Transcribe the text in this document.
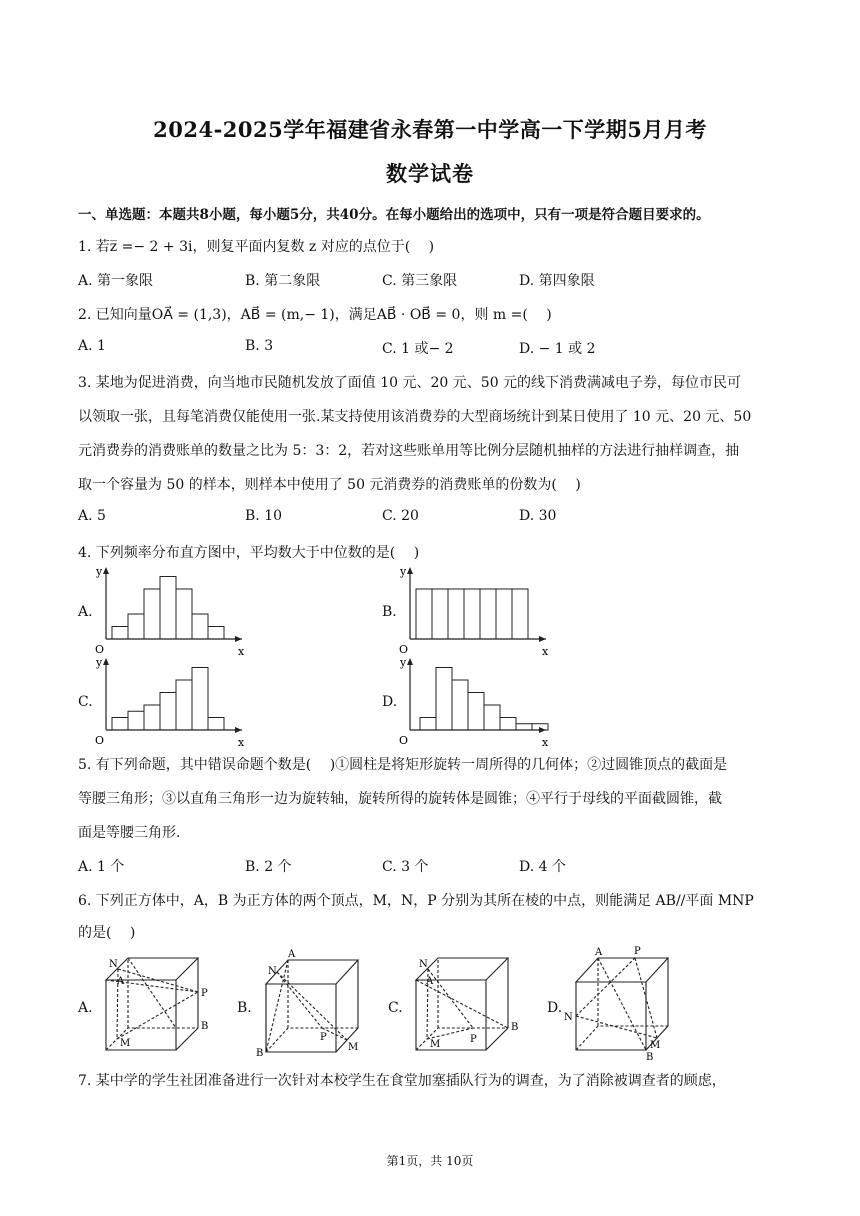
2024-2025学年福建省永春第一中学高一下学期5月月考
数学试卷
一、单选题：本题共8小题，每小题5分，共40分。在每小题给出的选项中，只有一项是符合题目要求的。
1. 若z̅ =− 2 + 3i，则复平面内复数 z 对应的点位于(　 )
A. 第一象限	B. 第二象限	C. 第三象限	D. 第四象限
2. 已知向量OA⃗ = (1,3)，AB⃗ = (m,− 1)，满足AB⃗ · OB⃗ = 0，则 m =(　 )
A. 1	B. 3	C. 1 或− 2	D. − 1 或 2
3. 某地为促进消费，向当地市民随机发放了面值 10 元、20 元、50 元的线下消费满减电子券，每位市民可
以领取一张，且每笔消费仅能使用一张.某支持使用该消费券的大型商场统计到某日使用了 10 元、20 元、50
元消费券的消费账单的数量之比为 5：3：2，若对这些账单用等比例分层随机抽样的方法进行抽样调查，抽
取一个容量为 50 的样本，则样本中使用了 50 元消费券的消费账单的份数为(　 )
A. 5	B. 10	C. 20	D. 30
4. 下列频率分布直方图中，平均数大于中位数的是(　 )
A.	B.
C.	D.
y
x
O
y
x
O
y
x
O
y
x
O
5. 有下列命题，其中错误命题个数是(　 )①圆柱是将矩形旋转一周所得的几何体；②过圆锥顶点的截面是
等腰三角形；③以直角三角形一边为旋转轴，旋转所得的旋转体是圆锥；④平行于母线的平面截圆锥，截
面是等腰三角形.
A. 1 个	B. 2 个	C. 3 个	D. 4 个
6. 下列正方体中，A，B 为正方体的两个顶点，M，N，P 分别为其所在棱的中点，则能满足 AB//平面 MNP
的是(　 )
A.	B.	C.	D.
N
A
P
B
M
A
N
P
M
B
N
A
P
B
M
A	P
N
M
B
7. 某中学的学生社团准备进行一次针对本校学生在食堂加塞插队行为的调查，为了消除被调查者的顾虑，
第1页，共 10页
